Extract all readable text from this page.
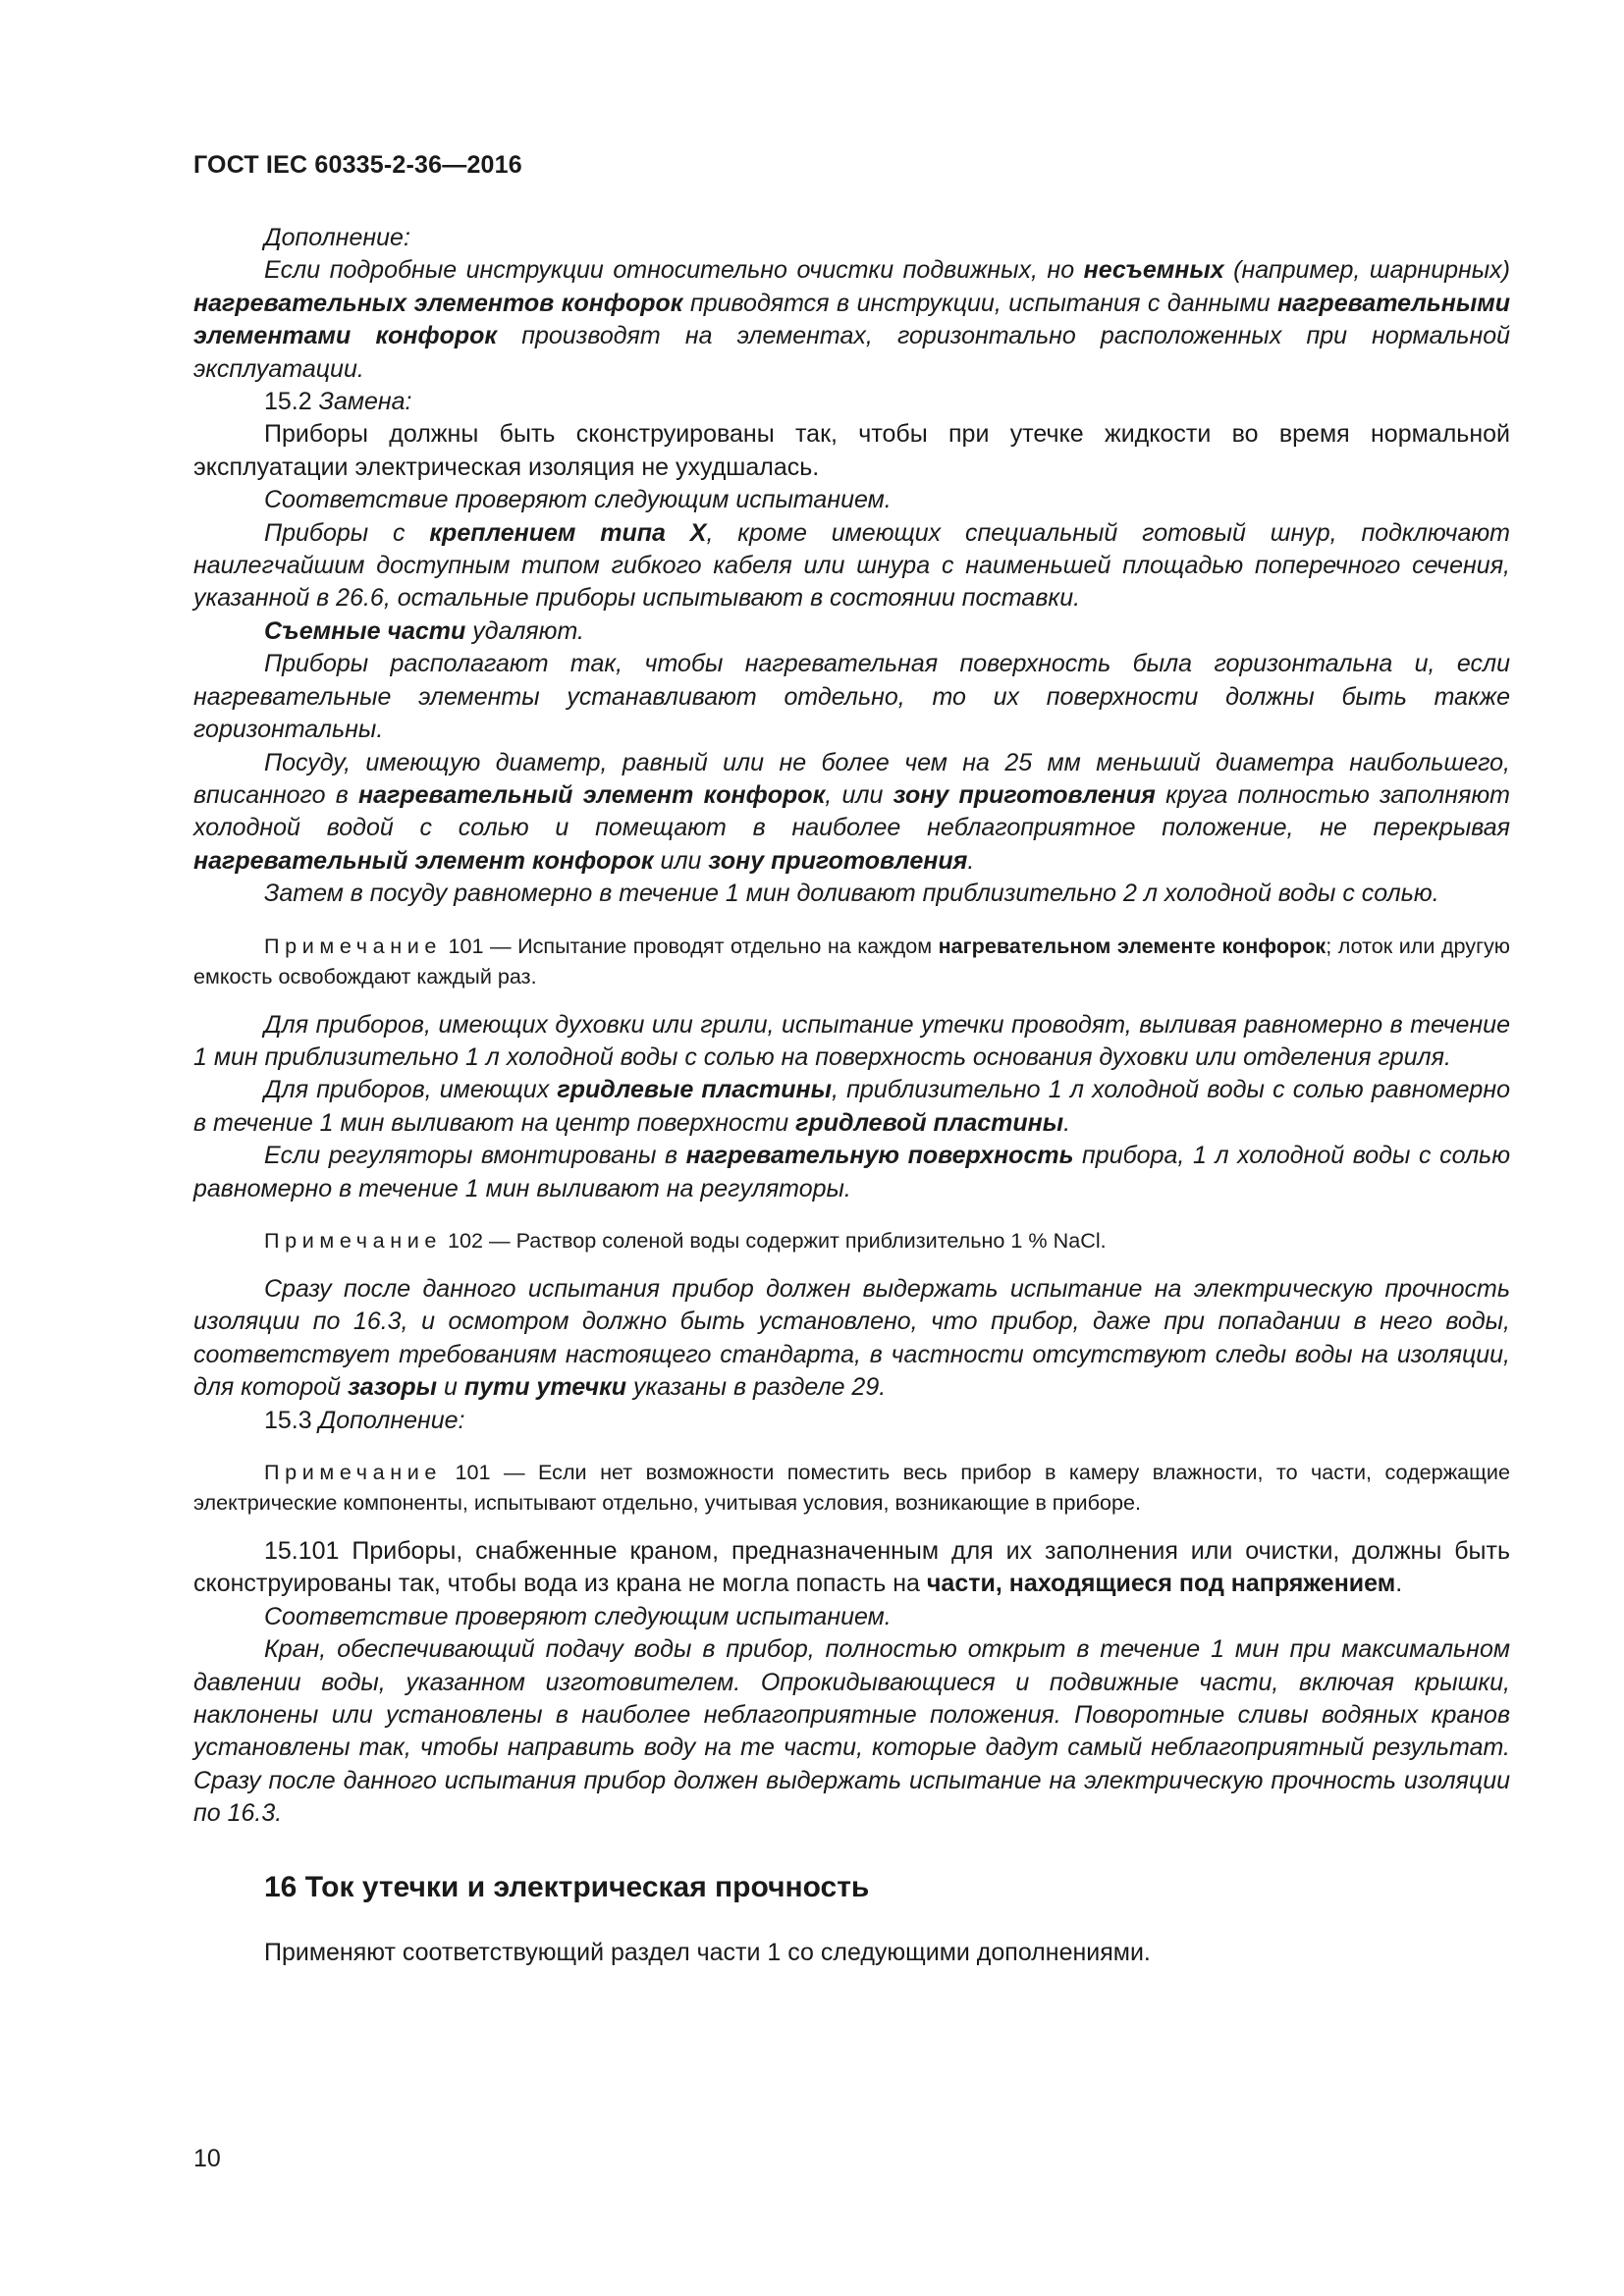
ГОСТ IEC 60335-2-36—2016

Дополнение:

Если подробные инструкции относительно очистки подвижных, но несъемных (например, шарнирных) нагревательных элементов конфорок приводятся в инструкции, испытания с данными нагревательными элементами конфорок производят на элементах, горизонтально расположенных при нормальной эксплуатации.

15.2 Замена:

Приборы должны быть сконструированы так, чтобы при утечке жидкости во время нормальной эксплуатации электрическая изоляция не ухудшалась.

Соответствие проверяют следующим испытанием.

Приборы с креплением типа X, кроме имеющих специальный готовый шнур, подключают наилегчайшим доступным типом гибкого кабеля или шнура с наименьшей площадью поперечного сечения, указанной в 26.6, остальные приборы испытывают в состоянии поставки.

Съемные части удаляют.

Приборы располагают так, чтобы нагревательная поверхность была горизонтальна и, если нагревательные элементы устанавливают отдельно, то их поверхности должны быть также горизонтальны.

Посуду, имеющую диаметр, равный или не более чем на 25 мм меньший диаметра наибольшего, вписанного в нагревательный элемент конфорок, или зону приготовления круга полностью заполняют холодной водой с солью и помещают в наиболее неблагоприятное положение, не перекрывая нагревательный элемент конфорок или зону приготовления.

Затем в посуду равномерно в течение 1 мин доливают приблизительно 2 л холодной воды с солью.

Примечание 101 — Испытание проводят отдельно на каждом нагревательном элементе конфорок; лоток или другую емкость освобождают каждый раз.

Для приборов, имеющих духовки или грили, испытание утечки проводят, выливая равномерно в течение 1 мин приблизительно 1 л холодной воды с солью на поверхность основания духовки или отделения гриля.

Для приборов, имеющих гридлевые пластины, приблизительно 1 л холодной воды с солью равномерно в течение 1 мин выливают на центр поверхности гридлевой пластины.

Если регуляторы вмонтированы в нагревательную поверхность прибора, 1 л холодной воды с солью равномерно в течение 1 мин выливают на регуляторы.

Примечание 102 — Раствор соленой воды содержит приблизительно 1 % NaCl.

Сразу после данного испытания прибор должен выдержать испытание на электрическую прочность изоляции по 16.3, и осмотром должно быть установлено, что прибор, даже при попадании в него воды, соответствует требованиям настоящего стандарта, в частности отсутствуют следы воды на изоляции, для которой зазоры и пути утечки указаны в разделе 29.

15.3 Дополнение:

Примечание 101 — Если нет возможности поместить весь прибор в камеру влажности, то части, содержащие электрические компоненты, испытывают отдельно, учитывая условия, возникающие в приборе.

15.101 Приборы, снабженные краном, предназначенным для их заполнения или очистки, должны быть сконструированы так, чтобы вода из крана не могла попасть на части, находящиеся под напряжением.

Соответствие проверяют следующим испытанием.

Кран, обеспечивающий подачу воды в прибор, полностью открыт в течение 1 мин при максимальном давлении воды, указанном изготовителем. Опрокидывающиеся и подвижные части, включая крышки, наклонены или установлены в наиболее неблагоприятные положения. Поворотные сливы водяных кранов установлены так, чтобы направить воду на те части, которые дадут самый неблагоприятный результат. Сразу после данного испытания прибор должен выдержать испытание на электрическую прочность изоляции по 16.3.

16 Ток утечки и электрическая прочность

Применяют соответствующий раздел части 1 со следующими дополнениями.

10
